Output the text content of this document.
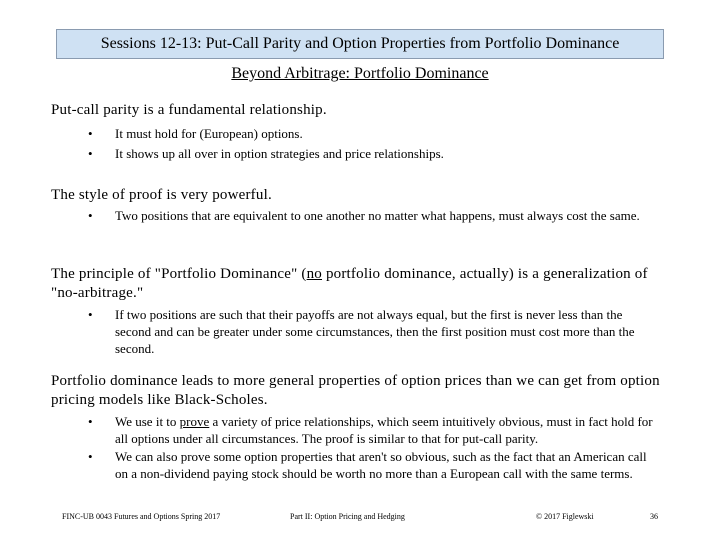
Sessions 12-13: Put-Call Parity and Option Properties from Portfolio Dominance
Beyond Arbitrage: Portfolio Dominance
Put-call parity is a fundamental relationship.
• It must hold for (European) options.
• It shows up all over in option strategies and price relationships.
The style of proof is very powerful.
• Two positions that are equivalent to one another no matter what happens, must always cost the same.
The principle of "Portfolio Dominance" (no portfolio dominance, actually) is a generalization of "no-arbitrage."
• If two positions are such that their payoffs are not always equal, but the first is never less than the second and can be greater under some circumstances, then the first position must cost more than the second.
Portfolio dominance leads to more general properties of option prices than we can get from option pricing models like Black-Scholes.
• We use it to prove a variety of price relationships, which seem intuitively obvious, must in fact hold for all options under all circumstances. The proof is similar to that for put-call parity.
• We can also prove some option properties that aren't so obvious, such as the fact that an American call on a non-dividend paying stock should be worth no more than a European call with the same terms.
FINC-UB 0043 Futures and Options Spring 2017	Part II: Option Pricing and Hedging	© 2017 Figlewski	36
